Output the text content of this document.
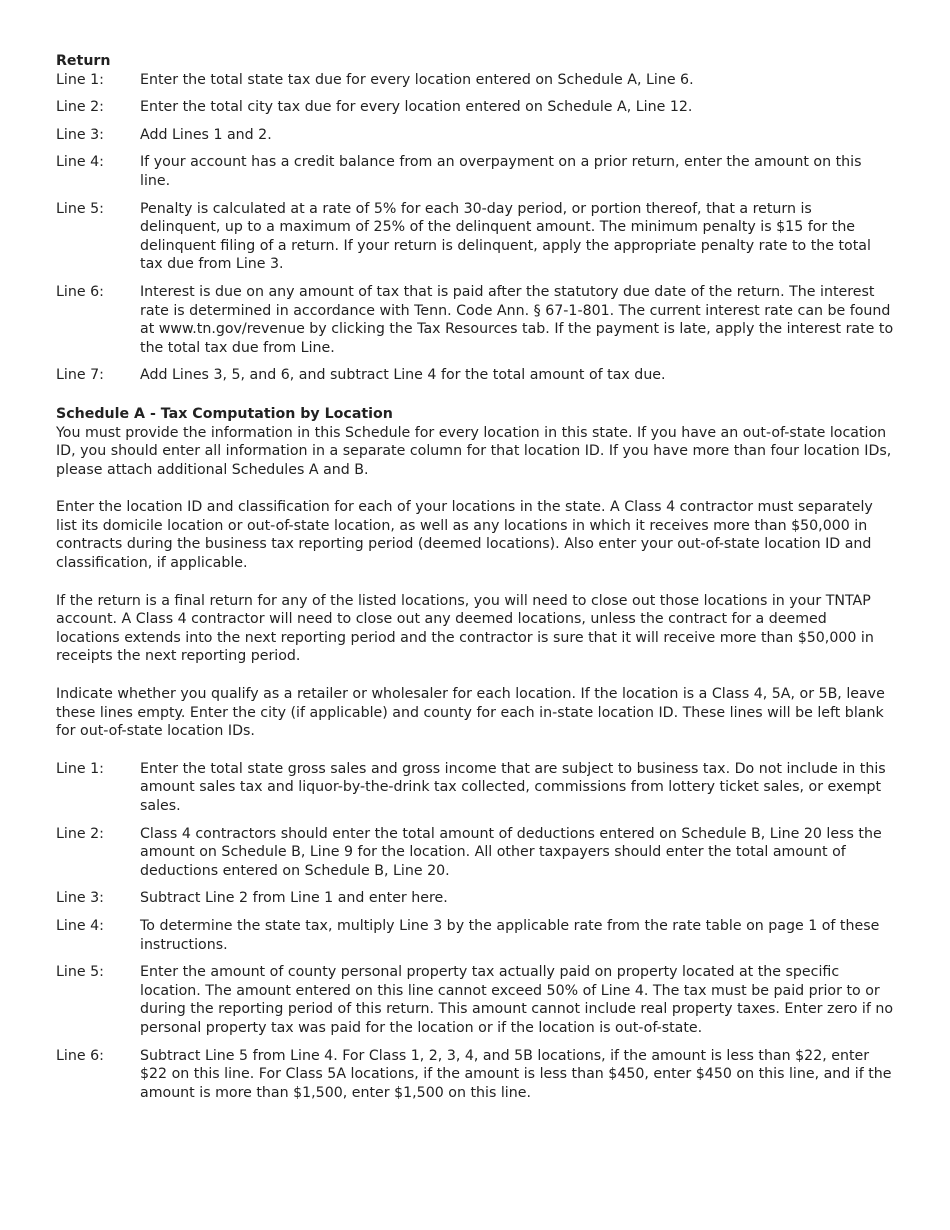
Return
Line 1:	Enter the total state tax due for every location entered on Schedule A, Line 6.
Line 2:	Enter the total city tax due for every location entered on Schedule A, Line 12.
Line 3:	Add Lines 1 and 2.
Line 4:	If your account has a credit balance from an overpayment on a prior return, enter the amount on this line.
Line 5:	Penalty is calculated at a rate of 5% for each 30-day period, or portion thereof, that a return is delinquent, up to a maximum of 25% of the delinquent amount. The minimum penalty is $15 for the delinquent filing of a return. If your return is delinquent, apply the appropriate penalty rate to the total tax due from Line 3.
Line 6:	Interest is due on any amount of tax that is paid after the statutory due date of the return. The interest rate is determined in accordance with Tenn. Code Ann. § 67-1-801. The current interest rate can be found at www.tn.gov/revenue by clicking the Tax Resources tab. If the payment is late, apply the interest rate to the total tax due from Line.
Line 7:	Add Lines 3, 5, and 6, and subtract Line 4 for the total amount of tax due.
Schedule A - Tax Computation by Location

You must provide the information in this Schedule for every location in this state. If you have an out-of-state location ID, you should enter all information in a separate column for that location ID. If you have more than four location IDs, please attach additional Schedules A and B.

Enter the location ID and classification for each of your locations in the state. A Class 4 contractor must separately list its domicile location or out-of-state location, as well as any locations in which it receives more than $50,000 in contracts during the business tax reporting period (deemed locations). Also enter your out-of-state location ID and classification, if applicable.

If the return is a final return for any of the listed locations, you will need to close out those locations in your TNTAP account. A Class 4 contractor will need to close out any deemed locations, unless the contract for a deemed locations extends into the next reporting period and the contractor is sure that it will receive more than $50,000 in receipts the next reporting period.

Indicate whether you qualify as a retailer or wholesaler for each location. If the location is a Class 4, 5A, or 5B, leave these lines empty. Enter the city (if applicable) and county for each in-state location ID. These lines will be left blank for out-of-state location IDs.

Line 1:	Enter the total state gross sales and gross income that are subject to business tax. Do not include in this amount sales tax and liquor-by-the-drink tax collected, commissions from lottery ticket sales, or exempt sales.
Line 2:	Class 4 contractors should enter the total amount of deductions entered on Schedule B, Line 20 less the amount on Schedule B, Line 9 for the location. All other taxpayers should enter the total amount of deductions entered on Schedule B, Line 20.
Line 3:	Subtract Line 2 from Line 1 and enter here.
Line 4:	To determine the state tax, multiply Line 3 by the applicable rate from the rate table on page 1 of these instructions.
Line 5:	Enter the amount of county personal property tax actually paid on property located at the specific location. The amount entered on this line cannot exceed 50% of Line 4. The tax must be paid prior to or during the reporting period of this return. This amount cannot include real property taxes. Enter zero if no personal property tax was paid for the location or if the location is out-of-state.
Line 6:	Subtract Line 5 from Line 4. For Class 1, 2, 3, 4, and 5B locations, if the amount is less than $22, enter $22 on this line. For Class 5A locations, if the amount is less than $450, enter $450 on this line, and if the amount is more than $1,500, enter $1,500 on this line.
